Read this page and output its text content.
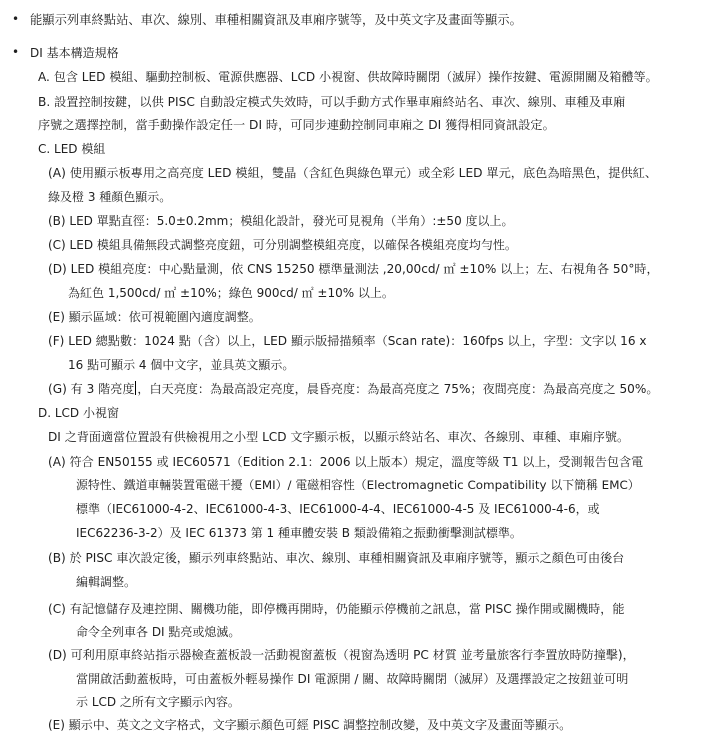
• 能顯示列車終點站、車次、線別、車種相關資訊及車廂序號等，及中英文字及畫面等顯示。
• DI 基本構造規格
A. 包含 LED 模組、驅動控制板、電源供應器、LCD 小視窗、供故障時關閉（滅屏）操作按鍵、電源開關及箱體等。
B. 設置控制按鍵，以供 PISC 自動設定模式失效時，可以手動方式作畢車廂終站名、車次、線別、車種及車廂
序號之選擇控制，當手動操作設定任一 DI 時，可同步連動控制同車廂之 DI 獲得相同資訊設定。
C. LED 模組
(A) 使用顯示板專用之高亮度 LED 模組，雙晶（含紅色與綠色單元）或全彩 LED 單元，底色為暗黑色，提供紅、
綠及橙 3 種顏色顯示。
(B) LED 單點直徑：5.0±0.2mm；模組化設計，發光可見視角（半角）:±50 度以上。
(C) LED 模組具備無段式調整亮度鈕，可分別調整模組亮度，以確保各模組亮度均勻性。
(D) LED 模組亮度：中心點量測，依 CNS 15250 標準量測法 ,20,00cd/ ㎡ ±10% 以上；左、右視角各 50°時，
為紅色 1,500cd/ ㎡ ±10%；綠色 900cd/ ㎡ ±10% 以上。
(E) 顯示區域：依可視範圍內適度調整。
(F) LED 總點數：1024 點（含）以上，LED 顯示版掃描頻率（Scan rate)：160fps 以上，字型：文字以 16 x
16 點可顯示 4 個中文字，並具英文顯示。
(G) 有 3 階亮度 ，白天亮度：為最高設定亮度，晨昏亮度：為最高亮度之 75%；夜間亮度：為最高亮度之 50%。
D. LCD 小視窗
DI 之背面適當位置設有供檢視用之小型 LCD 文字顯示板，以顯示終站名、車次、各線別、車種、車廂序號。
(A) 符合 EN50155 或 IEC60571（Edition 2.1：2006 以上版本）規定，溫度等級 T1 以上，受測報告包含電
源特性、鐵道車輛裝置電磁干擾（EMI）/ 電磁相容性（Electromagnetic Compatibility 以下簡稱 EMC）
標準（IEC61000-4-2、IEC61000-4-3、IEC61000-4-4、IEC61000-4-5 及 IEC61000-4-6，或
IEC62236-3-2）及 IEC 61373 第 1 種車體安裝 B 類設備箱之振動衝擊測試標準。
(B) 於 PISC 車次設定後，顯示列車終點站、車次、線別、車種相關資訊及車廂序號等，顯示之顏色可由後台
編輯調整。
(C) 有記憶儲存及連控開、關機功能，即停機再開時，仍能顯示停機前之訊息，當 PISC 操作開或關機時，能
命令全列車各 DI 點亮或熄滅。
(D) 可利用原車終站指示器檢查蓋板設一活動視窗蓋板（視窗為透明 PC 材質 並考量旅客行李置放時防撞擊)，
當開啟活動蓋板時，可由蓋板外輕易操作 DI 電源開 / 關、故障時關閉（滅屏）及選擇設定之按鈕並可明
示 LCD 之所有文字顯示內容。
(E) 顯示中、英文之文字格式，文字顯示顏色可經 PISC 調整控制改變，及中英文字及畫面等顯示。
